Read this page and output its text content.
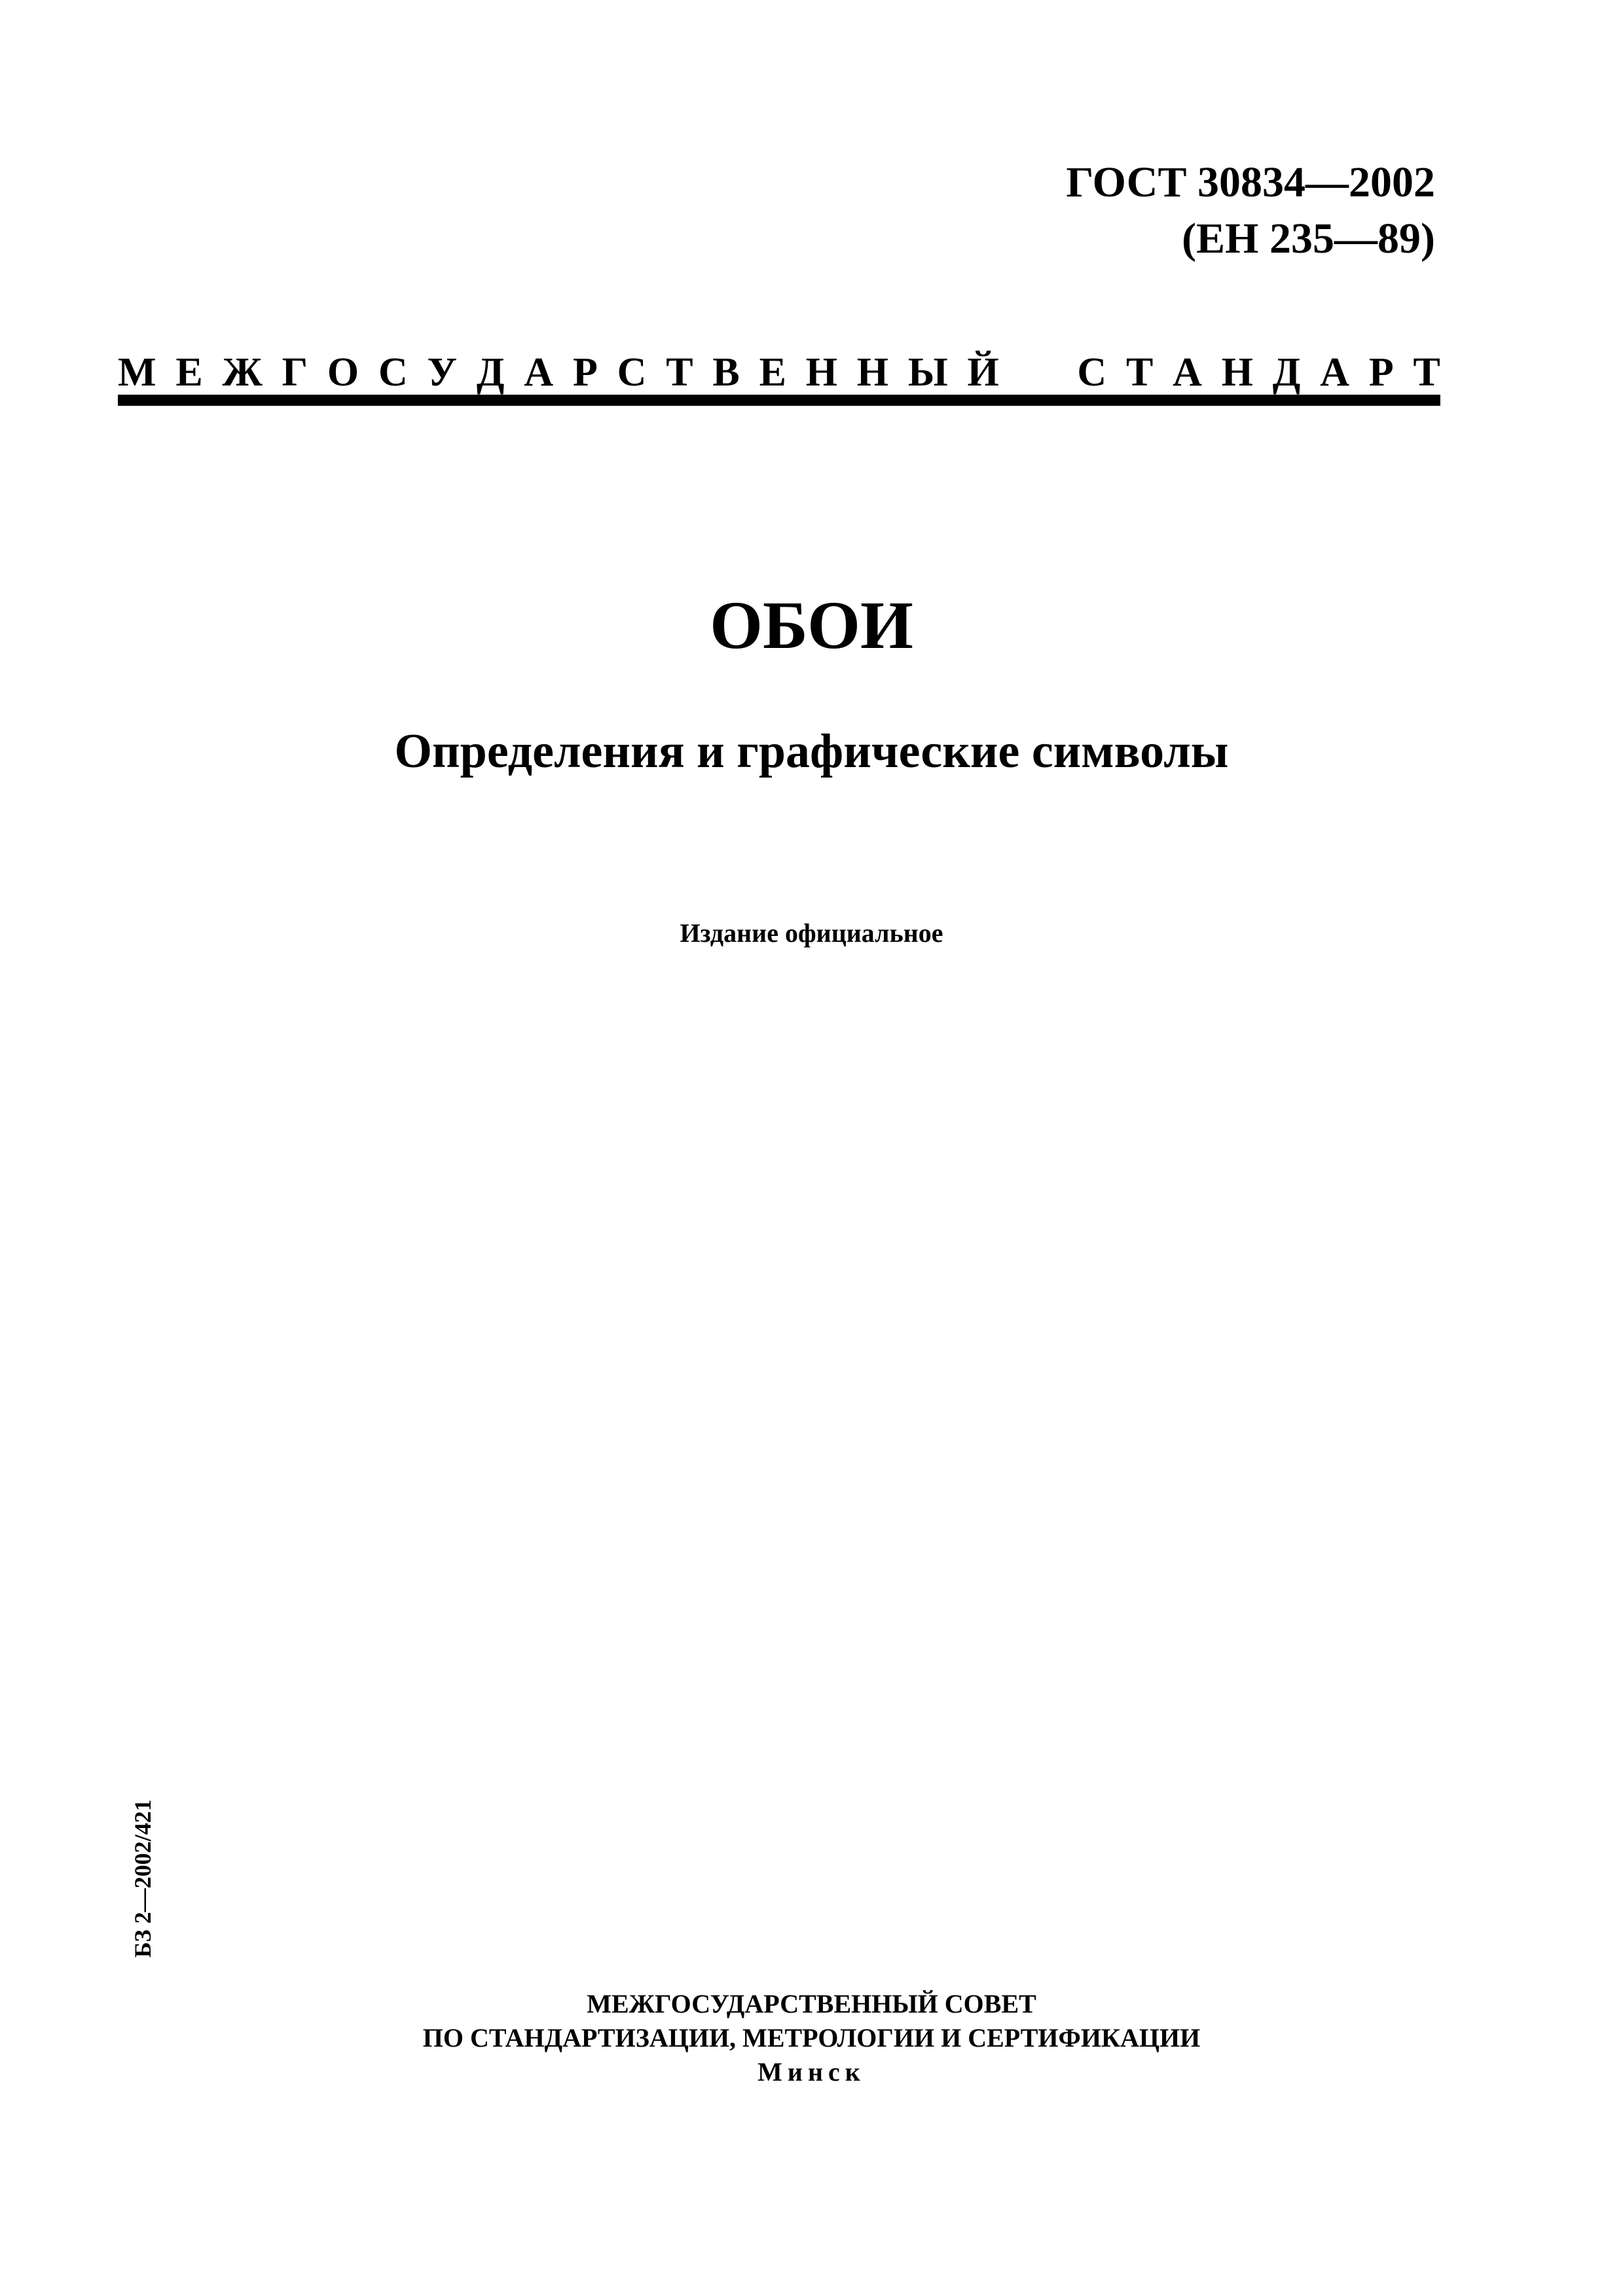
ГОСТ 30834—2002
(ЕН 235—89)
М Е Ж Г О С У Д А Р С Т В Е Н Н Ы Й С Т А Н Д А Р Т
ОБОИ
Определения и графические символы
Издание официальное
БЗ 2—2002/421
МЕЖГОСУДАРСТВЕННЫЙ СОВЕТ
ПО СТАНДАРТИЗАЦИИ, МЕТРОЛОГИИ И СЕРТИФИКАЦИИ
Минск
